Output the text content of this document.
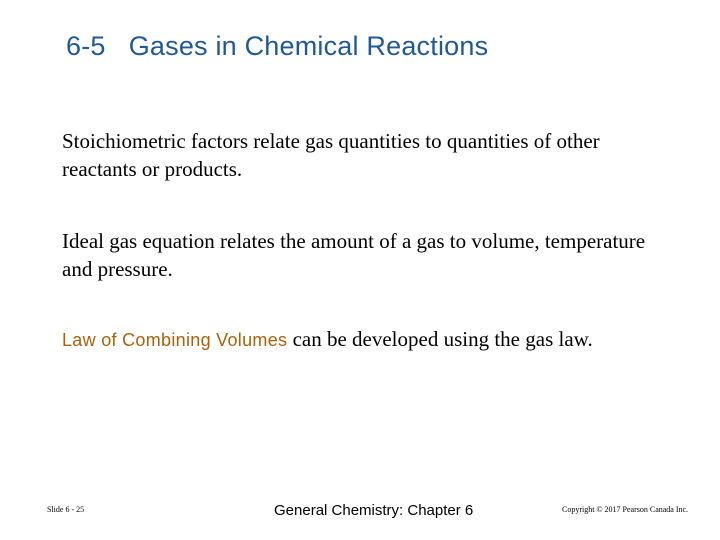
6-5   Gases in Chemical Reactions

Stoichiometric factors relate gas quantities to quantities of other reactants or products.

Ideal gas equation relates the amount of a gas to volume, temperature and pressure.

Law of Combining Volumes can be developed using the gas law.

Slide 6 - 25	General Chemistry: Chapter 6	Copyright © 2017 Pearson Canada Inc.
